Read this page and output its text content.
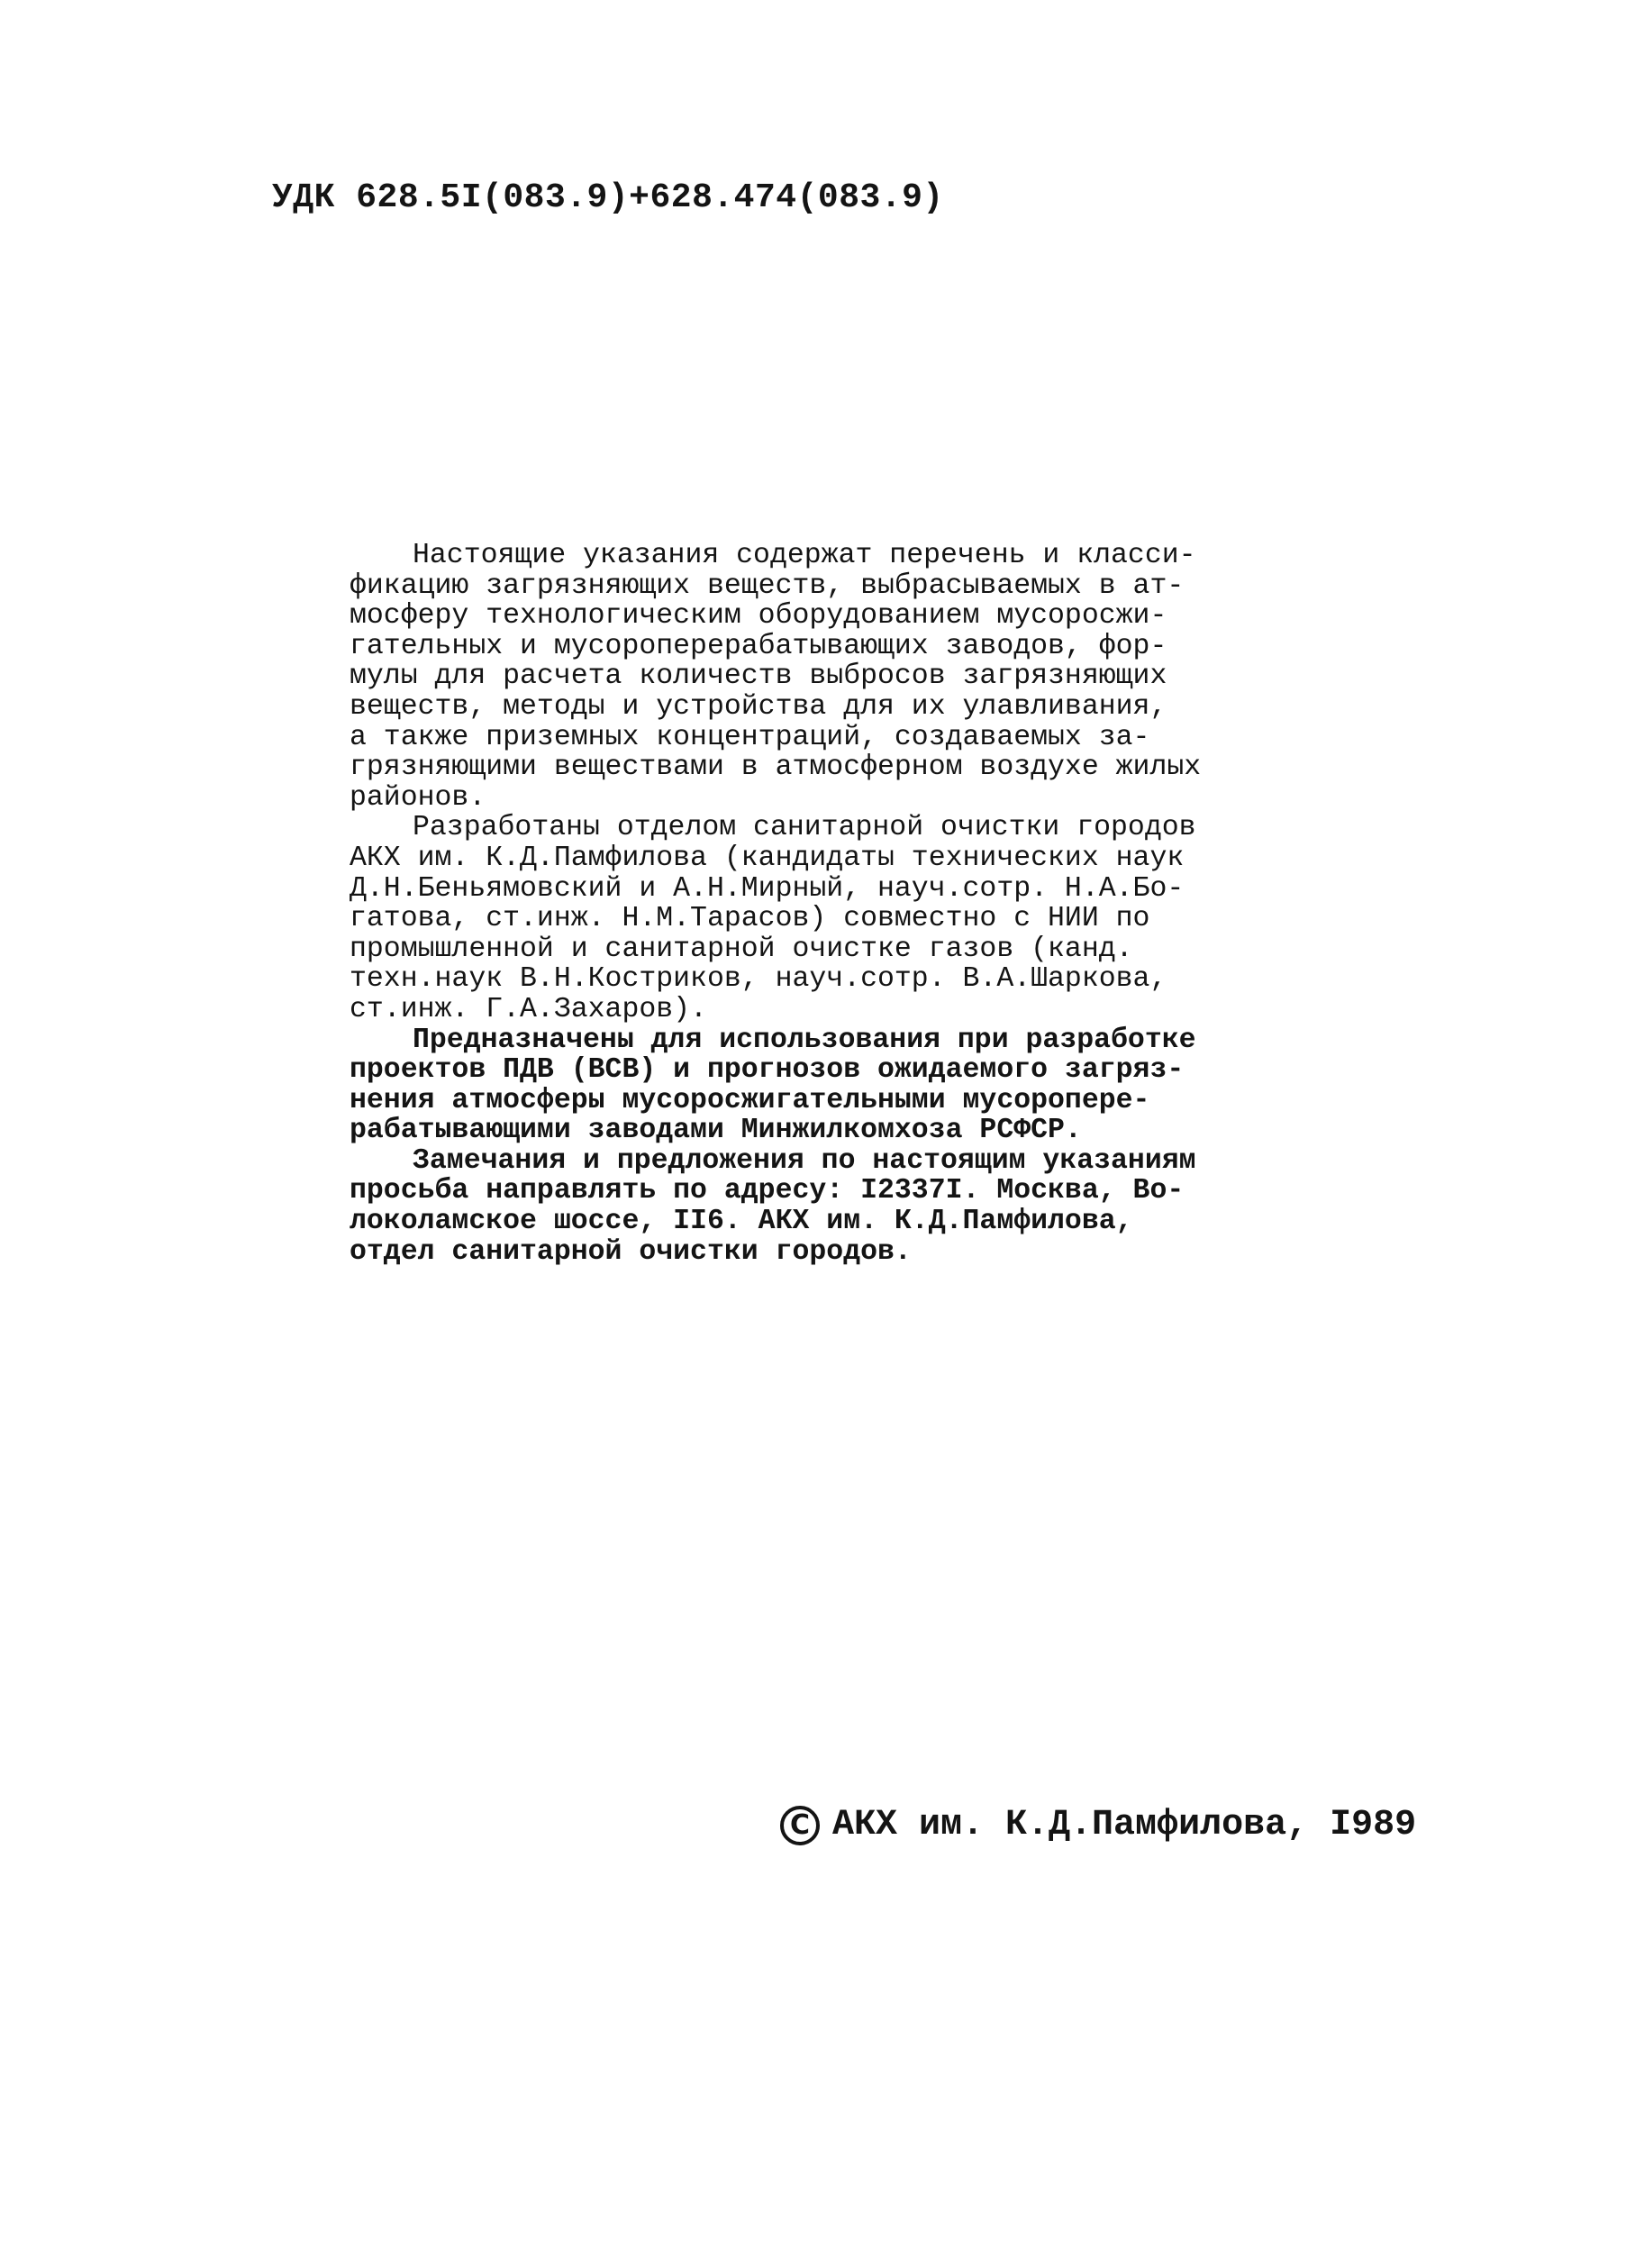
УДК 628.5I(083.9)+628.474(083.9)
Настоящие указания содержат перечень и класси-
фикацию загрязняющих веществ, выбрасываемых в ат-
мосферу технологическим оборудованием мусоросжи-
гательных и мусороперерабатывающих заводов, фор-
мулы для расчета количеств выбросов загрязняющих
веществ, методы и устройства для их улавливания,
а также приземных концентраций, создаваемых за-
грязняющими веществами в атмосферном воздухе жилых
районов.
Разработаны отделом санитарной очистки городов
АКХ им. К.Д.Памфилова (кандидаты технических наук
Д.Н.Беньямовский и А.Н.Мирный, науч.сотр. Н.А.Бо-
гатова, ст.инж. Н.М.Тарасов) совместно с НИИ по
промышленной и санитарной очистке газов (канд.
техн.наук В.Н.Костриков, науч.сотр. В.А.Шаркова,
ст.инж. Г.А.Захаров).
Предназначены для использования при разработке
проектов ПДВ (ВСВ) и прогнозов ожидаемого загряз-
нения атмосферы мусоросжигательными мусоропере-
рабатывающими заводами Минжилкомхоза РСФСР.
Замечания и предложения по настоящим указаниям
просьба направлять по адресу: I2337I. Москва, Во-
локоламское шоссе, II6. АКХ им. К.Д.Памфилова,
отдел санитарной очистки городов.
C АКХ им. К.Д.Памфилова, I989
